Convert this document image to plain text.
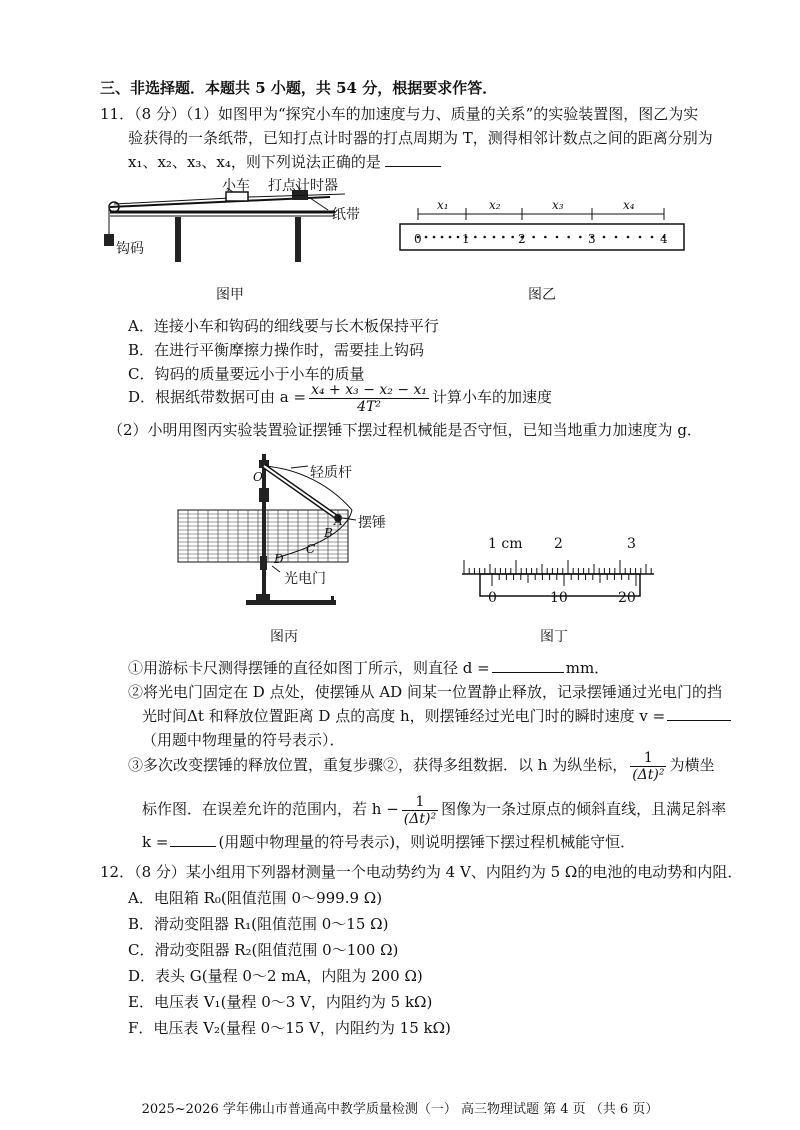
三、非选择题．本题共 5 小题，共 54 分，根据要求作答．
11．（8 分）（1）如图甲为“探究小车的加速度与力、质量的关系”的实验装置图，图乙为实
验获得的一条纸带，已知打点计时器的打点周期为 T，测得相邻计数点之间的距离分别为
x₁、x₂、x₃、x₄，则下列说法正确的是
小车 打点计时器
纸带
钩码
图甲
x₁	x₂	x₃	x₄
0	1	2	3	4
图乙
A．连接小车和钩码的细线要与长木板保持平行
B．在进行平衡摩擦力操作时，需要挂上钩码
C．钩码的质量要远小于小车的质量
D．根据纸带数据可由 $a = \frac{\text{x₄ + x₃ − x₂ − x₁}}{\text{4T²}}$ 计算小车的加速度
（2）小明用图丙实验装置验证摆锤下摆过程机械能是否守恒，已知当地重力加速度为 g．
O	轻质杆
摆锤
A
B
C
D
光电门
图丙
1 cm 2	3
0	10	20
图丁
①用游标卡尺测得摆锤的直径如图丁所示，则直径 d =	mm．
②将光电门固定在 D 点处，使摆锤从 AD 间某一位置静止释放，记录摆锤通过光电门的挡
光时间Δt 和释放位置距离 D 点的高度 h，则摆锤经过光电门时的瞬时速度 v =
（用题中物理量的符号表示）．
③多次改变摆锤的释放位置，重复步骤②，获得多组数据．以 h 为纵坐标， $\frac{1}{\text{(Δt)²}}$ 为横坐
标作图．在误差允许的范围内，若 $h - \frac{1}{\text{(Δt)²}}$ 图像为一条过原点的倾斜直线，且满足斜率
k =	(用题中物理量的符号表示)，则说明摆锤下摆过程机械能守恒．
12．（8 分）某小组用下列器材测量一个电动势约为 4 V、内阻约为 5 Ω的电池的电动势和内阻．
A．电阻箱 R₀(阻值范围 0～999.9 Ω)
B．滑动变阻器 R₁(阻值范围 0～15 Ω)
C．滑动变阻器 R₂(阻值范围 0～100 Ω)
D．表头 G(量程 0～2 mA，内阻为 200 Ω)
E．电压表 V₁(量程 0～3 V，内阻约为 5 kΩ)
F．电压表 V₂(量程 0～15 V，内阻约为 15 kΩ)
2025~2026 学年佛山市普通高中教学质量检测（一） 高三物理试题 第 4 页 （共 6 页）
